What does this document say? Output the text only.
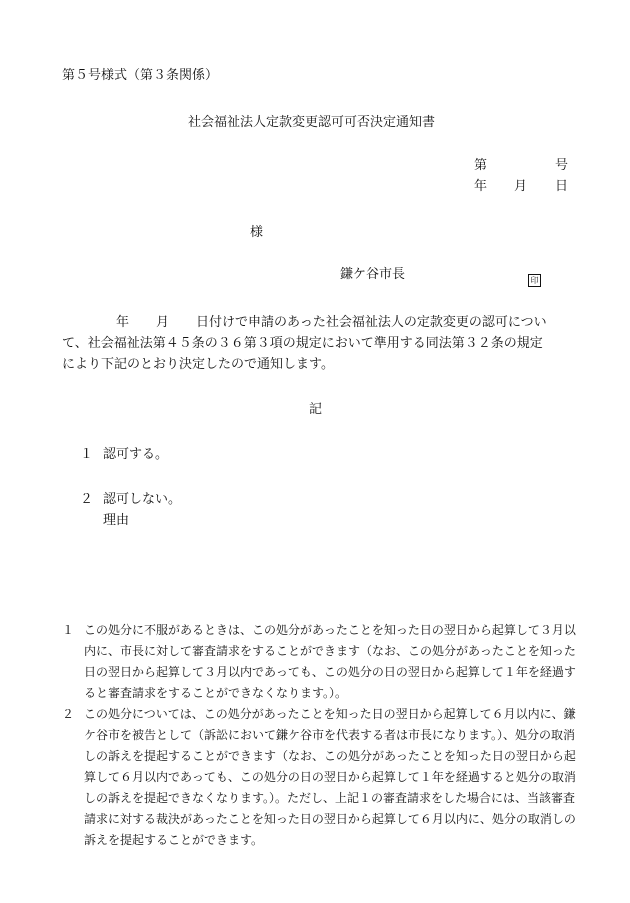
第５号様式（第３条関係）
社会福祉法人定款変更認可可否決定通知書
第	号
年 月 日
様
鎌ケ谷市長	印
年 月 日付けで申請のあった社会福祉法人の定款変更の認可につい
て、社会福祉法第４５条の３６第３項の規定において準用する同法第３２条の規定
により下記のとおり決定したので通知します。
記
１ 認可する。
２ 認可しない。
理由
１ この処分に不服があるときは、この処分があったことを知った日の翌日から起算して３月以内に、市長に対して審査請求をすることができます（なお、この処分があったことを知った日の翌日から起算して３月以内であっても、この処分の日の翌日から起算して１年を経過すると審査請求をすることができなくなります。）。
２ この処分については、この処分があったことを知った日の翌日から起算して６月以内に、鎌ケ谷市を被告として（訴訟において鎌ケ谷市を代表する者は市長になります。）、処分の取消しの訴えを提起することができます（なお、この処分があったことを知った日の翌日から起算して６月以内であっても、この処分の日の翌日から起算して１年を経過すると処分の取消しの訴えを提起できなくなります。）。ただし、上記１の審査請求をした場合には、当該審査請求に対する裁決があったことを知った日の翌日から起算して６月以内に、処分の取消しの訴えを提起することができます。
